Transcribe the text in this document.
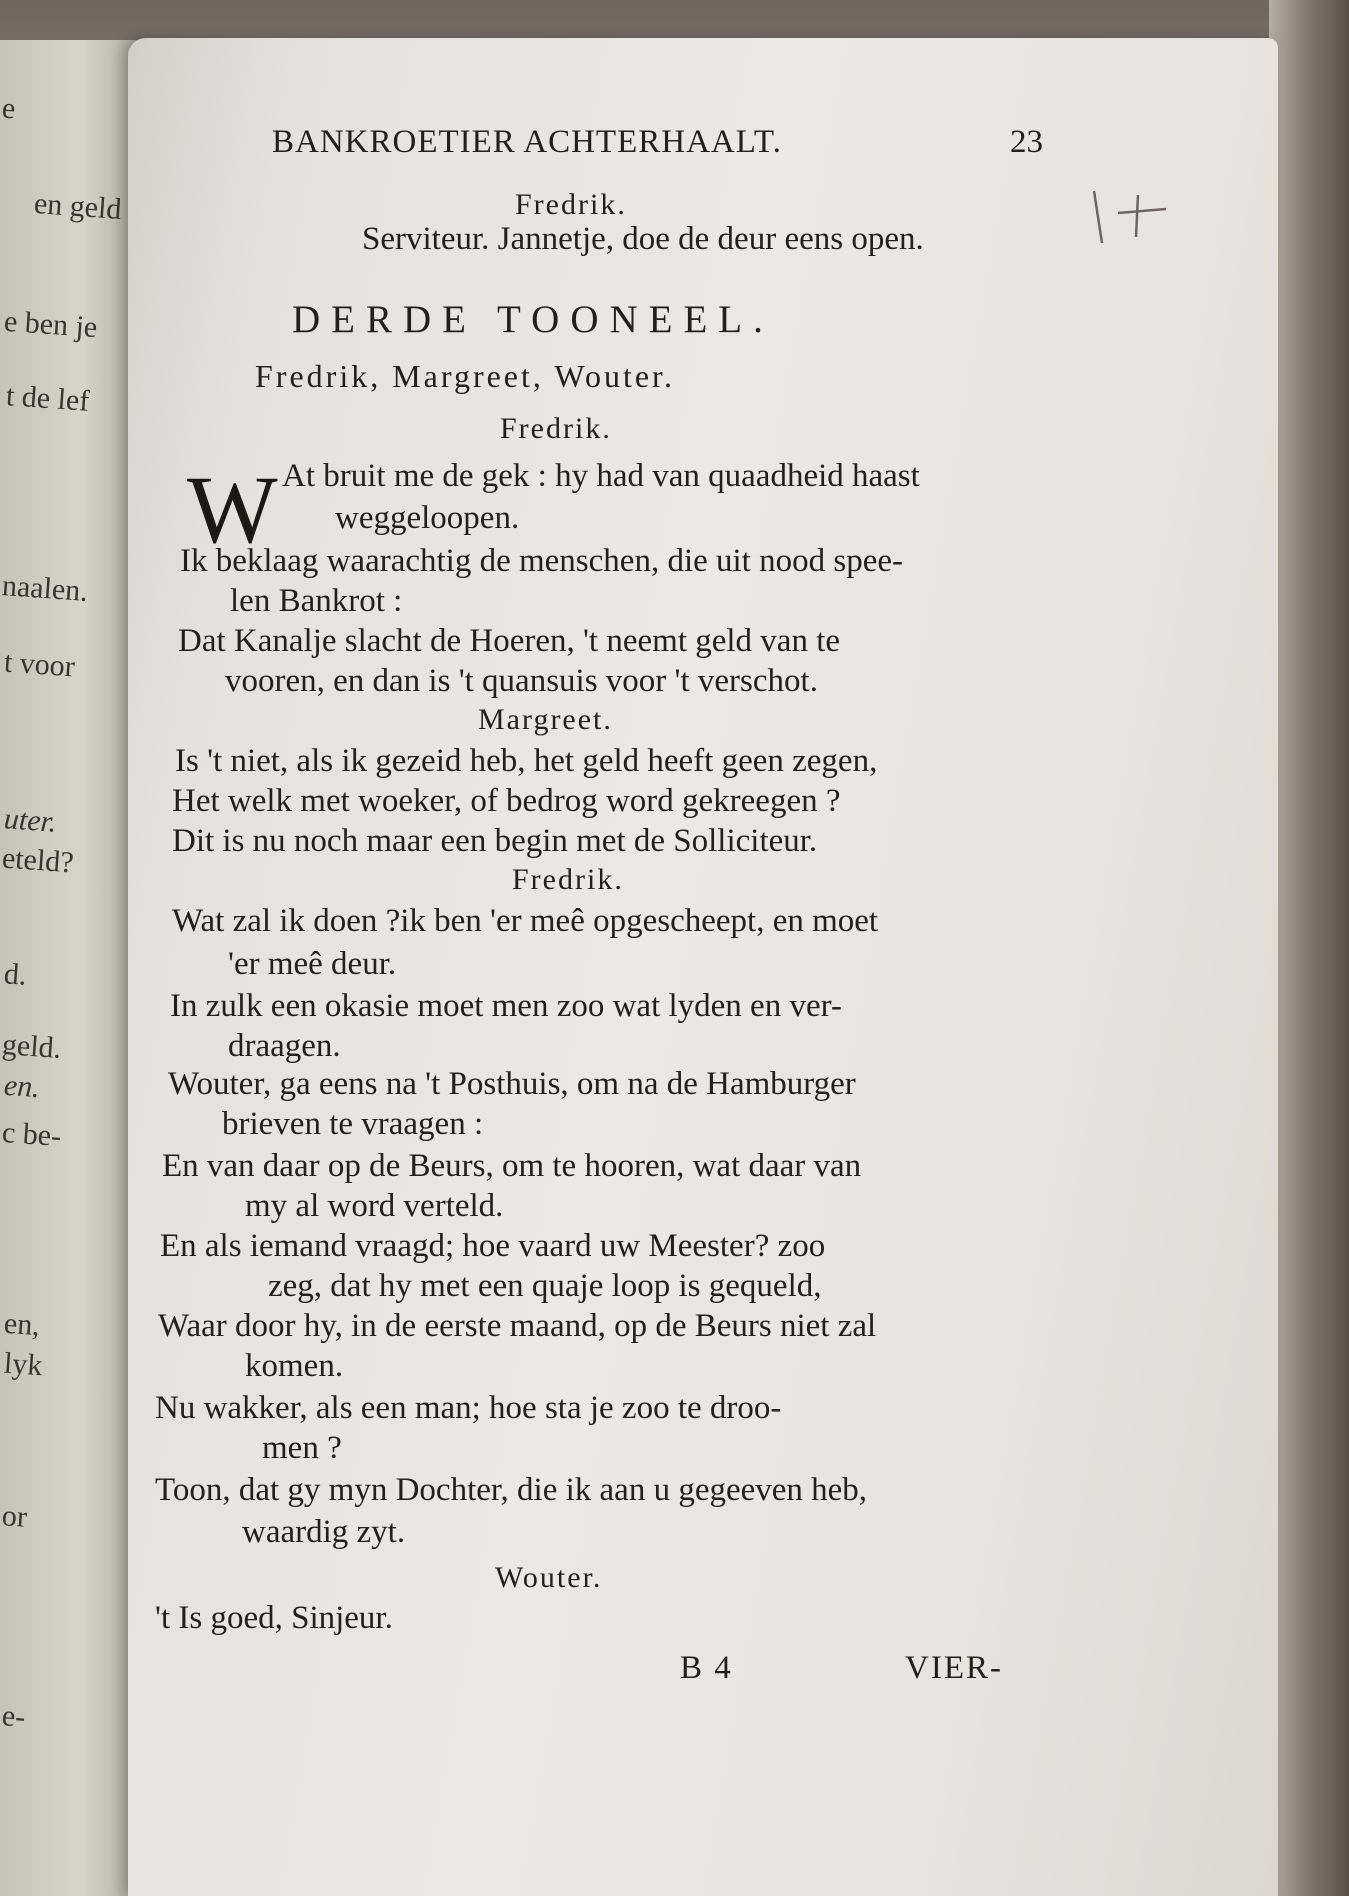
e
en geld
e ben je
t de lef
naalen.
t voor
uter.
eteld?
d.
geld.
en.
c be-
en,
lyk
or
e-
BANKROETIER ACHTERHAALT.	23
Fredrik.
Serviteur. Jannetje, doe de deur eens open.
DERDE TOONEEL.
Fredrik, Margreet, Wouter.
Fredrik.
W At bruit me de gek : hy had van quaadheid haast
weggeloopen.
Ik beklaag waarachtig de menschen, die uit nood spee-
len Bankrot :
Dat Kanalje slacht de Hoeren, 't neemt geld van te
vooren, en dan is 't quansuis voor 't verschot.
Margreet.
Is 't niet, als ik gezeid heb, het geld heeft geen zegen,
Het welk met woeker, of bedrog word gekreegen ?
Dit is nu noch maar een begin met de Solliciteur.
Fredrik.
Wat zal ik doen ?ik ben 'er meê opgescheept, en moet
'er meê deur.
In zulk een okasie moet men zoo wat lyden en ver-
draagen.
Wouter, ga eens na 't Posthuis, om na de Hamburger
brieven te vraagen :
En van daar op de Beurs, om te hooren, wat daar van
my al word verteld.
En als iemand vraagd; hoe vaard uw Meester? zoo
zeg, dat hy met een quaje loop is gequeld,
Waar door hy, in de eerste maand, op de Beurs niet zal
komen.
Nu wakker, als een man; hoe sta je zoo te droo-
men ?
Toon, dat gy myn Dochter, die ik aan u gegeeven heb,
waardig zyt.
Wouter.
't Is goed, Sinjeur.
B 4	VIER-
